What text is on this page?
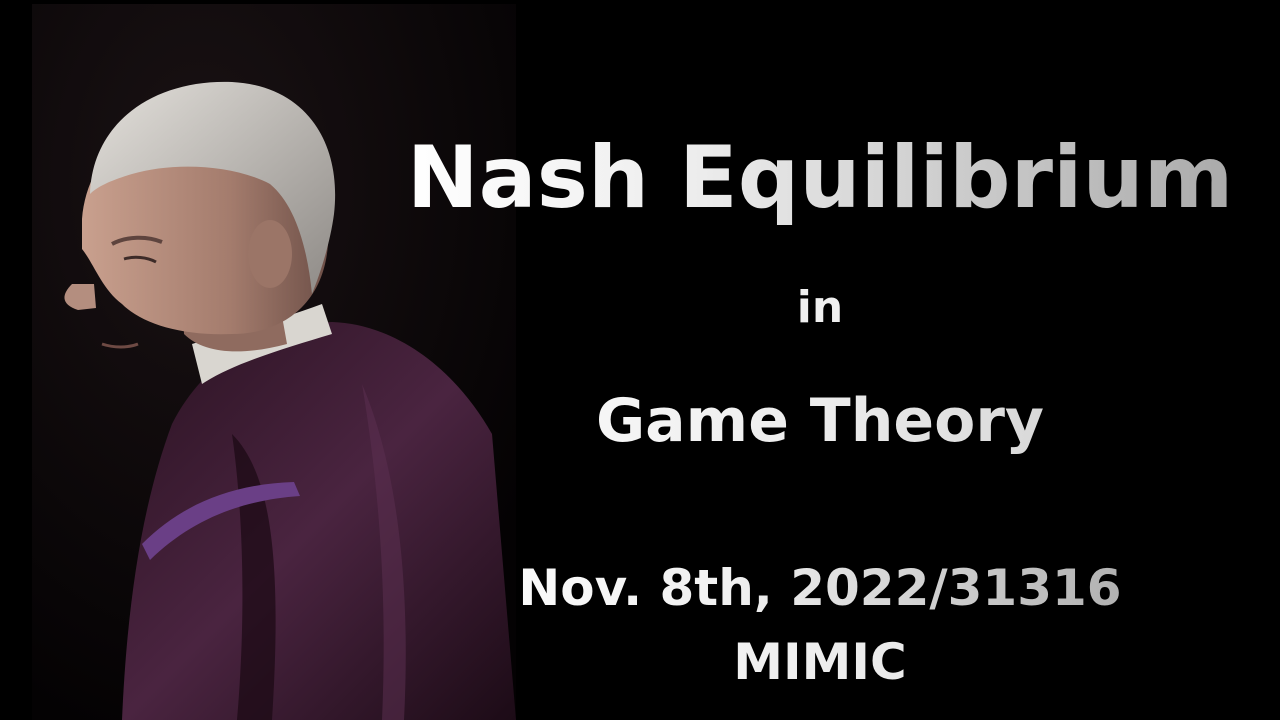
Nash Equilibrium
in
Game Theory
Nov. 8th, 2022/31316
MIMIC
